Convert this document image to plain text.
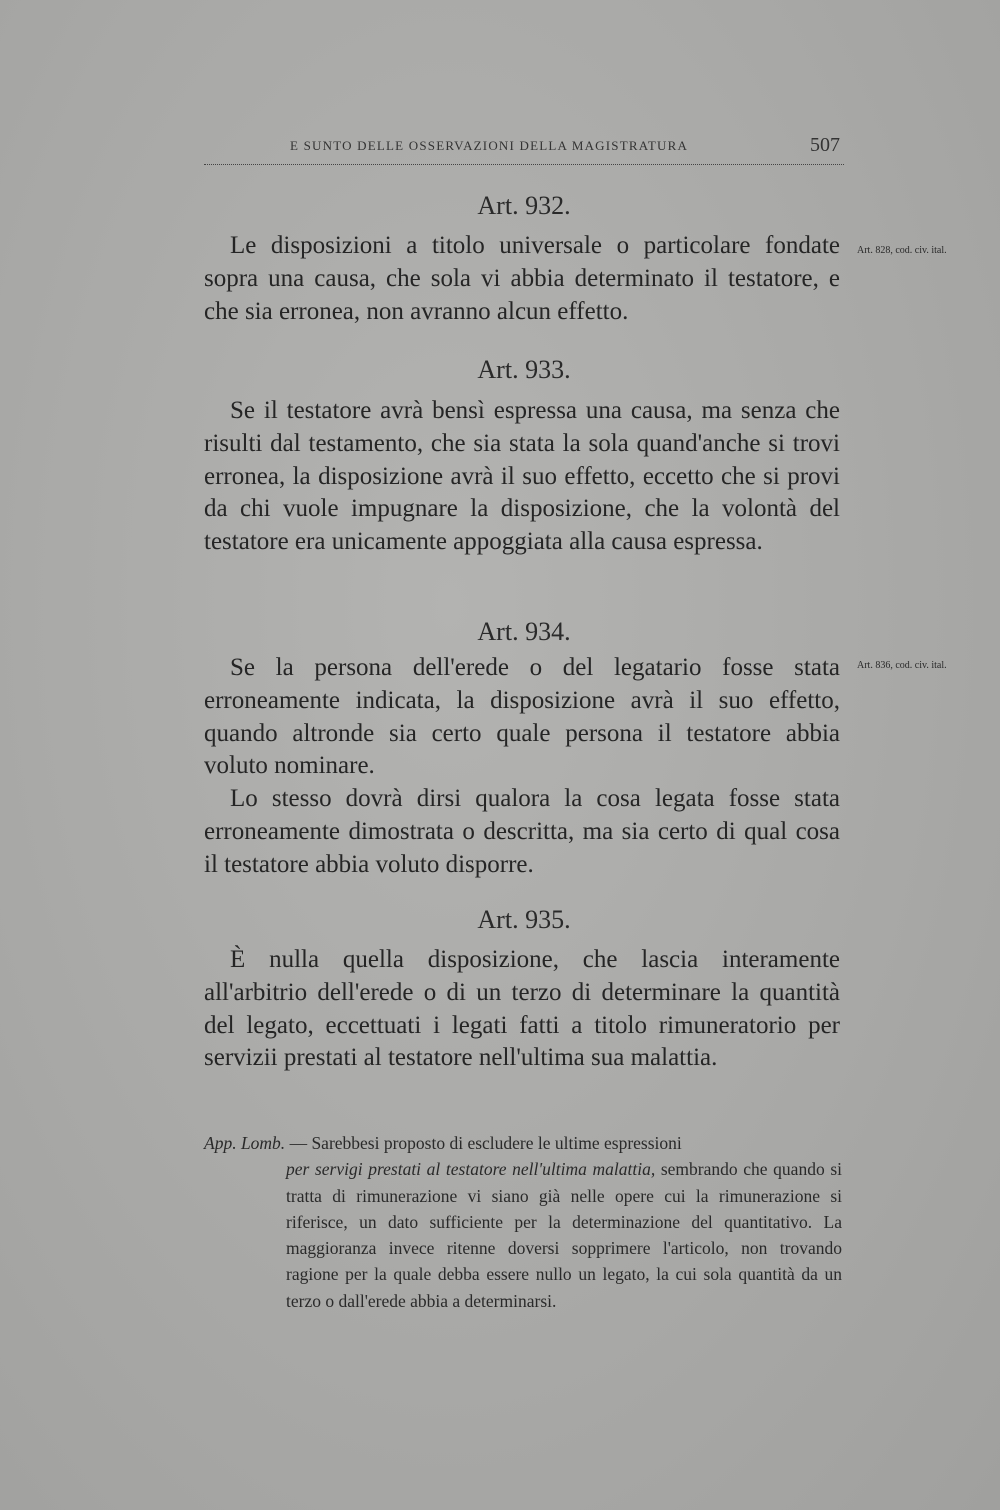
E SUNTO DELLE OSSERVAZIONI DELLA MAGISTRATURA	507
Art. 932.
Le disposizioni a titolo universale o particolare fondate sopra una causa, che sola vi abbia determinato il testatore, e che sia erronea, non avranno alcun effetto.
Art. 828, cod. civ. ital.
Art. 933.
Se il testatore avrà bensì espressa una causa, ma senza che risulti dal testamento, che sia stata la sola quand'anche si trovi erronea, la disposizione avrà il suo effetto, eccetto che si provi da chi vuole impugnare la disposizione, che la volontà del testatore era unicamente appoggiata alla causa espressa.
Art. 934.
Se la persona dell'erede o del legatario fosse stata erroneamente indicata, la disposizione avrà il suo effetto, quando altronde sia certo quale persona il testatore abbia voluto nominare.
Lo stesso dovrà dirsi qualora la cosa legata fosse stata erroneamente dimostrata o descritta, ma sia certo di qual cosa il testatore abbia voluto disporre.
Art. 836, cod. civ. ital.
Art. 935.
È nulla quella disposizione, che lascia interamente all'arbitrio dell'erede o di un terzo di determinare la quantità del legato, eccettuati i legati fatti a titolo rimuneratorio per servizii prestati al testatore nell'ultima sua malattia.
App. Lomb. — Sarebbesi proposto di escludere le ultime espressioni
per servigi prestati al testatore nell'ultima malattia, sembrando che quando si tratta di rimunerazione vi siano già nelle opere cui la rimunerazione si riferisce, un dato sufficiente per la determinazione del quantitativo. La maggioranza invece ritenne doversi sopprimere l'articolo, non trovando ragione per la quale debba essere nullo un legato, la cui sola quantità da un terzo o dall'erede abbia a determinarsi.
